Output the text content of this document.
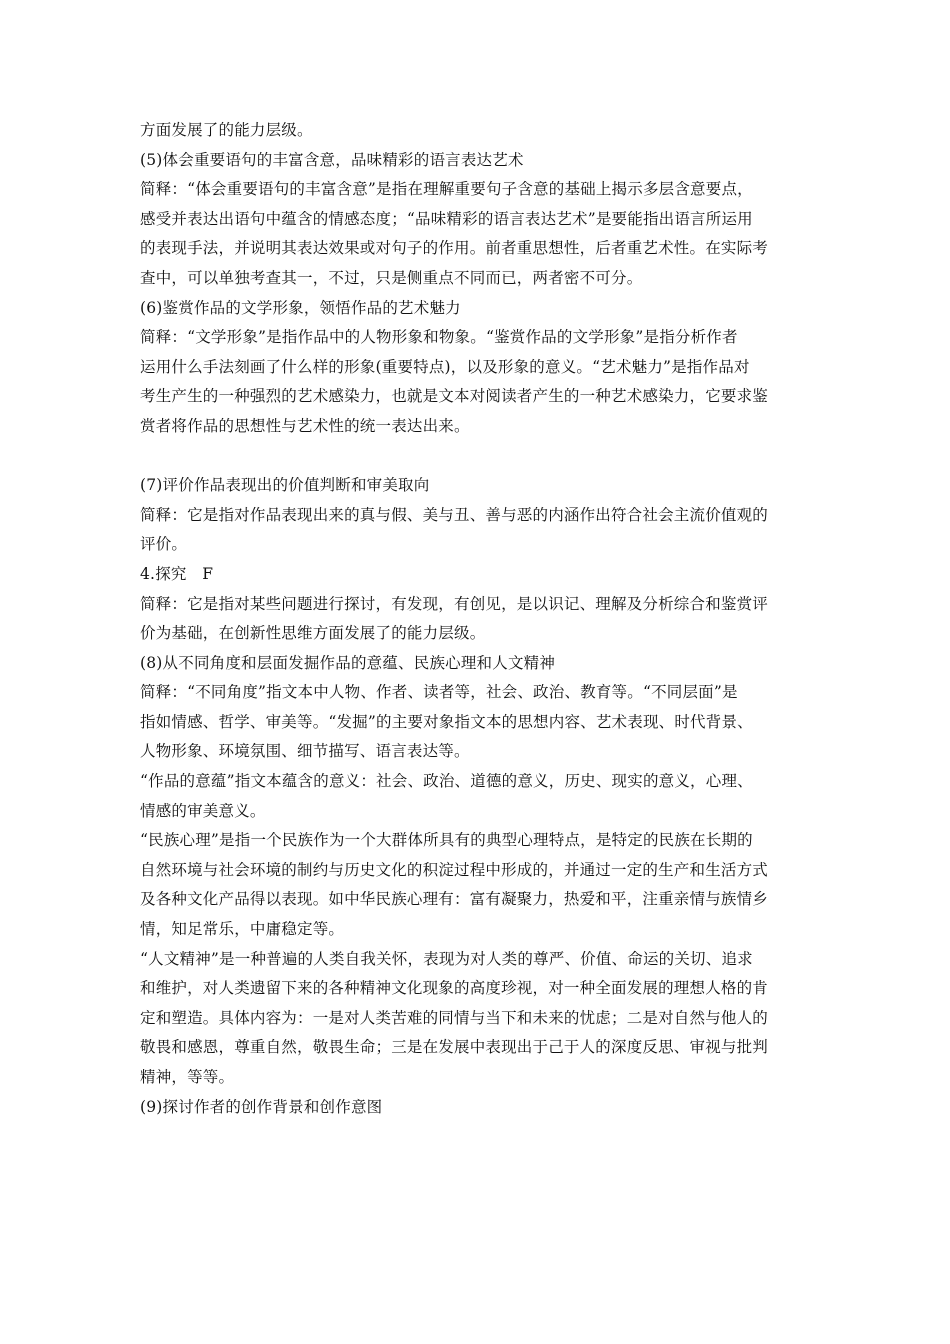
方面发展了的能力层级。
(5)体会重要语句的丰富含意，品味精彩的语言表达艺术
简释：“体会重要语句的丰富含意”是指在理解重要句子含意的基础上揭示多层含意要点，
感受并表达出语句中蕴含的情感态度；“品味精彩的语言表达艺术”是要能指出语言所运用
的表现手法，并说明其表达效果或对句子的作用。前者重思想性，后者重艺术性。在实际考
查中，可以单独考查其一，不过，只是侧重点不同而已，两者密不可分。
(6)鉴赏作品的文学形象，领悟作品的艺术魅力
简释：“文学形象”是指作品中的人物形象和物象。“鉴赏作品的文学形象”是指分析作者
运用什么手法刻画了什么样的形象(重要特点)，以及形象的意义。“艺术魅力”是指作品对
考生产生的一种强烈的艺术感染力，也就是文本对阅读者产生的一种艺术感染力，它要求鉴
赏者将作品的思想性与艺术性的统一表达出来。
(7)评价作品表现出的价值判断和审美取向
简释：它是指对作品表现出来的真与假、美与丑、善与恶的内涵作出符合社会主流价值观的
评价。
4.探究　F
简释：它是指对某些问题进行探讨，有发现，有创见，是以识记、理解及分析综合和鉴赏评
价为基础，在创新性思维方面发展了的能力层级。
(8)从不同角度和层面发掘作品的意蕴、民族心理和人文精神
简释：“不同角度”指文本中人物、作者、读者等，社会、政治、教育等。“不同层面”是
指如情感、哲学、审美等。“发掘”的主要对象指文本的思想内容、艺术表现、时代背景、
人物形象、环境氛围、细节描写、语言表达等。
“作品的意蕴”指文本蕴含的意义：社会、政治、道德的意义，历史、现实的意义，心理、
情感的审美意义。
“民族心理”是指一个民族作为一个大群体所具有的典型心理特点，是特定的民族在长期的
自然环境与社会环境的制约与历史文化的积淀过程中形成的，并通过一定的生产和生活方式
及各种文化产品得以表现。如中华民族心理有：富有凝聚力，热爱和平，注重亲情与族情乡
情，知足常乐，中庸稳定等。
“人文精神”是一种普遍的人类自我关怀，表现为对人类的尊严、价值、命运的关切、追求
和维护，对人类遗留下来的各种精神文化现象的高度珍视，对一种全面发展的理想人格的肯
定和塑造。具体内容为：一是对人类苦难的同情与当下和未来的忧虑；二是对自然与他人的
敬畏和感恩，尊重自然，敬畏生命；三是在发展中表现出于己于人的深度反思、审视与批判
精神，等等。
(9)探讨作者的创作背景和创作意图
